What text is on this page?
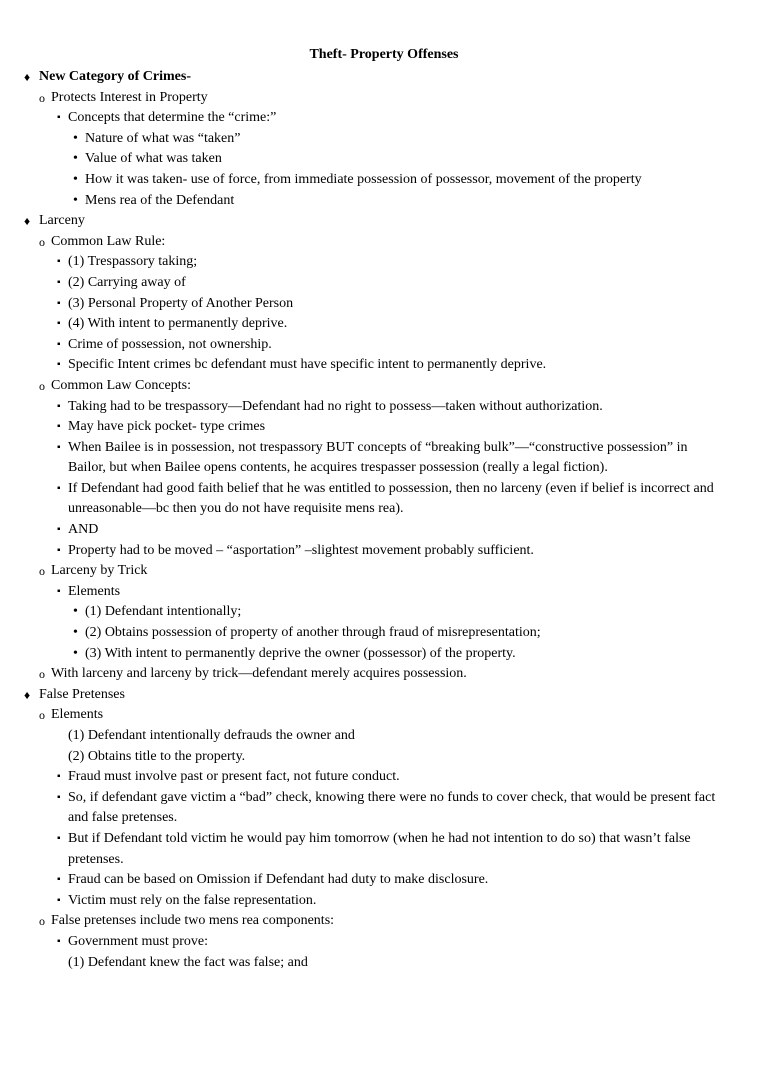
Theft- Property Offenses
♦ New Category of Crimes-
o Protects Interest in Property
▪ Concepts that determine the “crime:”
• Nature of what was “taken”
• Value of what was taken
• How it was taken- use of force, from immediate possession of possessor, movement of the property
• Mens rea of the Defendant
♦ Larceny
o Common Law Rule:
▪ (1) Trespassory taking;
▪ (2) Carrying away of
▪ (3) Personal Property of Another Person
▪ (4) With intent to permanently deprive.
▪ Crime of possession, not ownership.
▪ Specific Intent crimes bc defendant must have specific intent to permanently deprive.
o Common Law Concepts:
▪ Taking had to be trespassory—Defendant had no right to possess—taken without authorization.
▪ May have pick pocket- type crimes
▪ When Bailee is in possession, not trespassory BUT concepts of “breaking bulk”—“constructive possession” in Bailor, but when Bailee opens contents, he acquires trespasser possession (really a legal fiction).
▪ If Defendant had good faith belief that he was entitled to possession, then no larceny (even if belief is incorrect and unreasonable—bc then you do not have requisite mens rea).
▪ AND
▪ Property had to be moved – “asportation” –slightest movement probably sufficient.
o Larceny by Trick
▪ Elements
• (1) Defendant intentionally;
• (2) Obtains possession of property of another through fraud of misrepresentation;
• (3) With intent to permanently deprive the owner (possessor) of the property.
o With larceny and larceny by trick—defendant merely acquires possession.
♦ False Pretenses
o Elements
(1) Defendant intentionally defrauds the owner and
(2) Obtains title to the property.
▪ Fraud must involve past or present fact, not future conduct.
▪ So, if defendant gave victim a “bad” check, knowing there were no funds to cover check, that would be present fact and false pretenses.
▪ But if Defendant told victim he would pay him tomorrow (when he had not intention to do so) that wasn’t false pretenses.
▪ Fraud can be based on Omission if Defendant had duty to make disclosure.
▪ Victim must rely on the false representation.
o False pretenses include two mens rea components:
▪ Government must prove:
(1) Defendant knew the fact was false; and
